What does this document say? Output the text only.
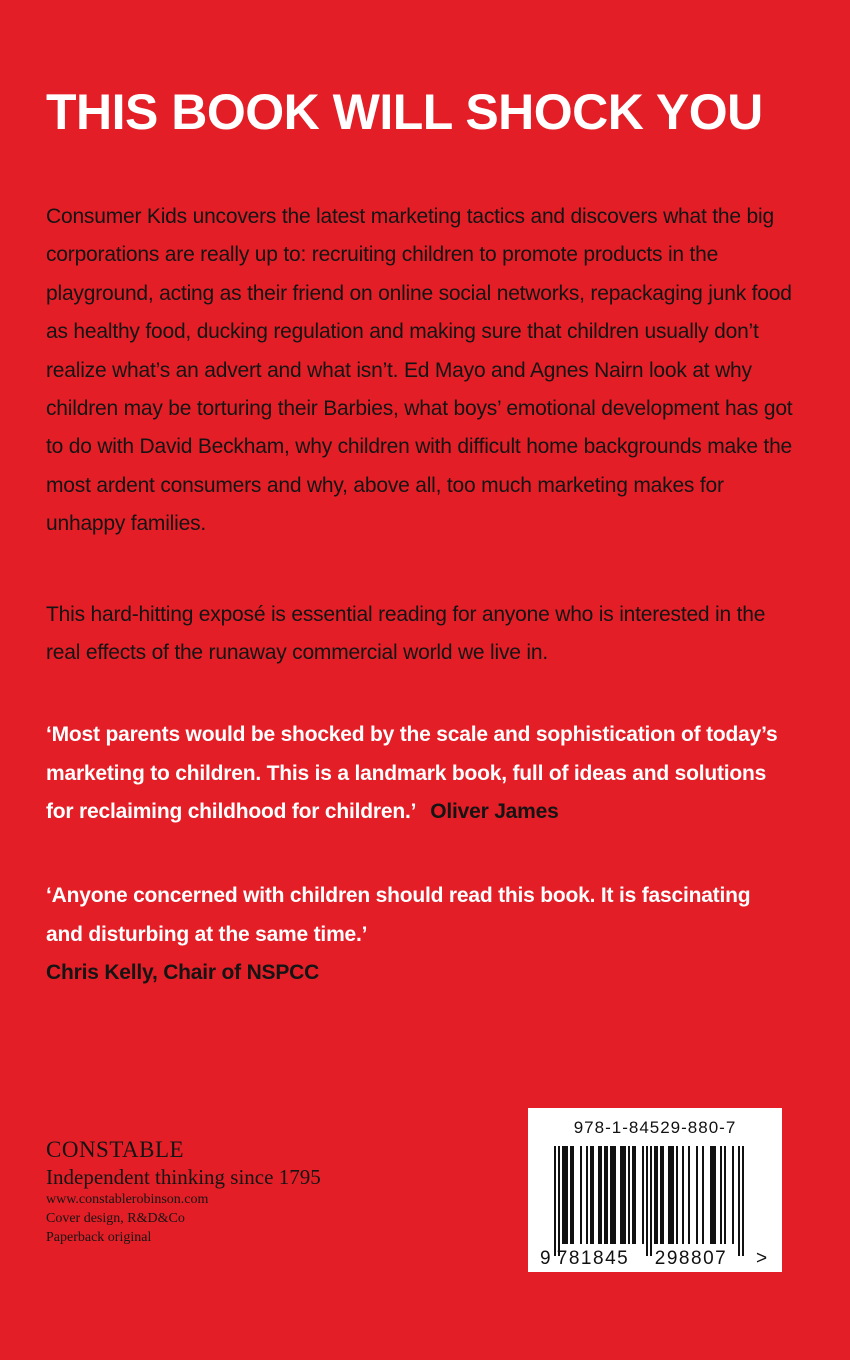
THIS BOOK WILL SHOCK YOU

Consumer Kids uncovers the latest marketing tactics and discovers what the big corporations are really up to: recruiting children to promote products in the playground, acting as their friend on online social networks, repackaging junk food as healthy food, ducking regulation and making sure that children usually don’t realize what’s an advert and what isn’t. Ed Mayo and Agnes Nairn look at why children may be torturing their Barbies, what boys’ emotional development has got to do with David Beckham, why children with difficult home backgrounds make the most ardent consumers and why, above all, too much marketing makes for unhappy families.

This hard-hitting exposé is essential reading for anyone who is interested in the real effects of the runaway commercial world we live in.

‘Most parents would be shocked by the scale and sophistication of today’s marketing to children. This is a landmark book, full of ideas and solutions for reclaiming childhood for children.’ Oliver James

‘Anyone concerned with children should read this book. It is fascinating and disturbing at the same time.’
Chris Kelly, Chair of NSPCC

CONSTABLE
Independent thinking since 1795
www.constablerobinson.com
Cover design, R&D&Co
Paperback original
978-1-84529-880-7
9 781845 298807 >
